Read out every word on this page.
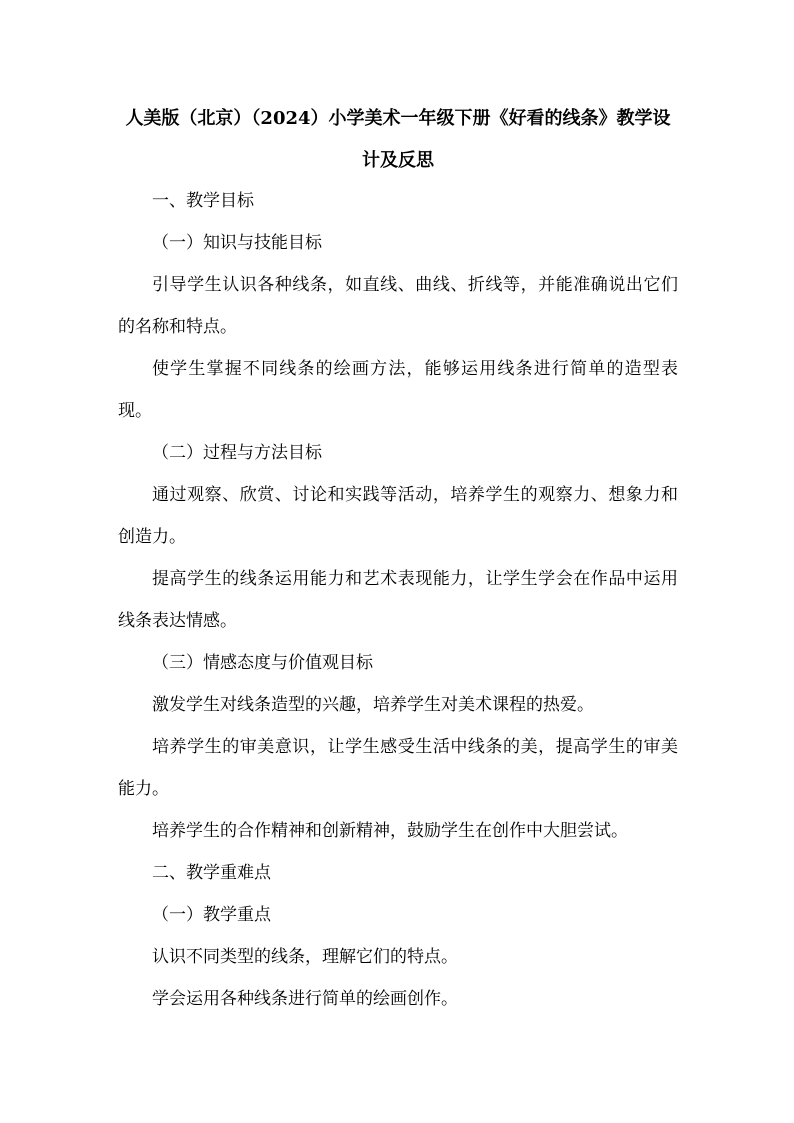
人美版（北京）（2024）小学美术一年级下册《好看的线条》教学设计及反思

一、教学目标

（一）知识与技能目标

引导学生认识各种线条，如直线、曲线、折线等，并能准确说出它们的名称和特点。

使学生掌握不同线条的绘画方法，能够运用线条进行简单的造型表现。

（二）过程与方法目标

通过观察、欣赏、讨论和实践等活动，培养学生的观察力、想象力和创造力。

提高学生的线条运用能力和艺术表现能力，让学生学会在作品中运用线条表达情感。

（三）情感态度与价值观目标

激发学生对线条造型的兴趣，培养学生对美术课程的热爱。

培养学生的审美意识，让学生感受生活中线条的美，提高学生的审美能力。

培养学生的合作精神和创新精神，鼓励学生在创作中大胆尝试。

二、教学重难点

（一）教学重点

认识不同类型的线条，理解它们的特点。

学会运用各种线条进行简单的绘画创作。
